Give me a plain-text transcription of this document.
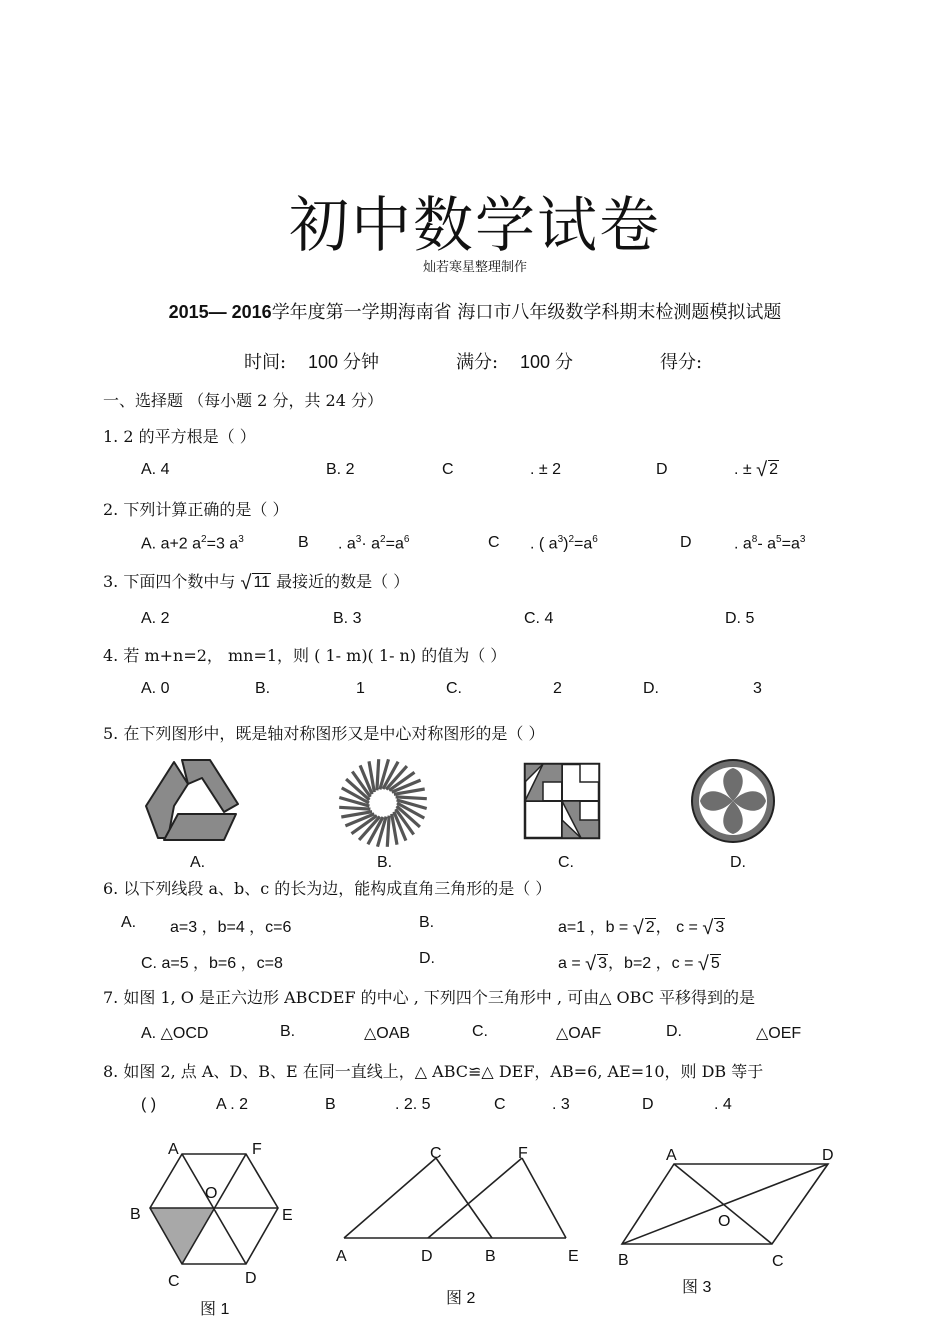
初中数学试卷
灿若寒星整理制作
2015— 2016学年度第一学期海南省 海口市八年级数学科期末检测题模拟试题
时间: 100 分钟	满分: 100 分	得分:
一、选择题 （每小题 2 分，共 24 分）
1. 2 的平方根是（ ）
A. 4	B. 2	C	. ± 2	D	. ± √ 2
2. 下列计算正确的是（ ）
A. a+2 $a^2=3$ $a^3$	B . $a^3\cdot a^2=a^6$	C . ( $a^3)^2=a^6$	D	. $a^8-$ $a^5=a^3$
3. 下面四个数中与 √ 11 最接近的数是（ ）
A. 2	B. 3	C. 4	D. 5
4. 若 m+n=2， mn=1，则 ( 1- m)( 1- n) 的值为（ ）
A. 0	B.	1	C.	2	D.	3
5. 在下列图形中，既是轴对称图形又是中心对称图形的是（ ）
A.	B.	C.	D.
6. 以下列线段 a、b、c 的长为边，能构成直角三角形的是（ ）
A. a=3 ，b=4 ，c=6	B.	a=1 ，b = √ 2， c = √ 3
C. a=5 ，b=6 ，c=8	D.	a = √ 3，b=2 ，c = √ 5
7. 如图 1, O 是正六边形 ABCDEF 的中心 , 下列四个三角形中 , 可由△ OBC 平移得到的是
A. △OCD	B.	△OAB	C.	△OAF	D.	△OEF
8. 如图 2, 点 A、D、B、E 在同一直线上，△ ABC≌△ DEF，AB=6, AE=10，则 DB 等于
( )	A . 2	B	. 2. 5	C	. 3	D	. 4
A	F
O
B	E
C	D
图 1
C	F
A	D	B	E
图 2
A	D
O
B	C
图 3
